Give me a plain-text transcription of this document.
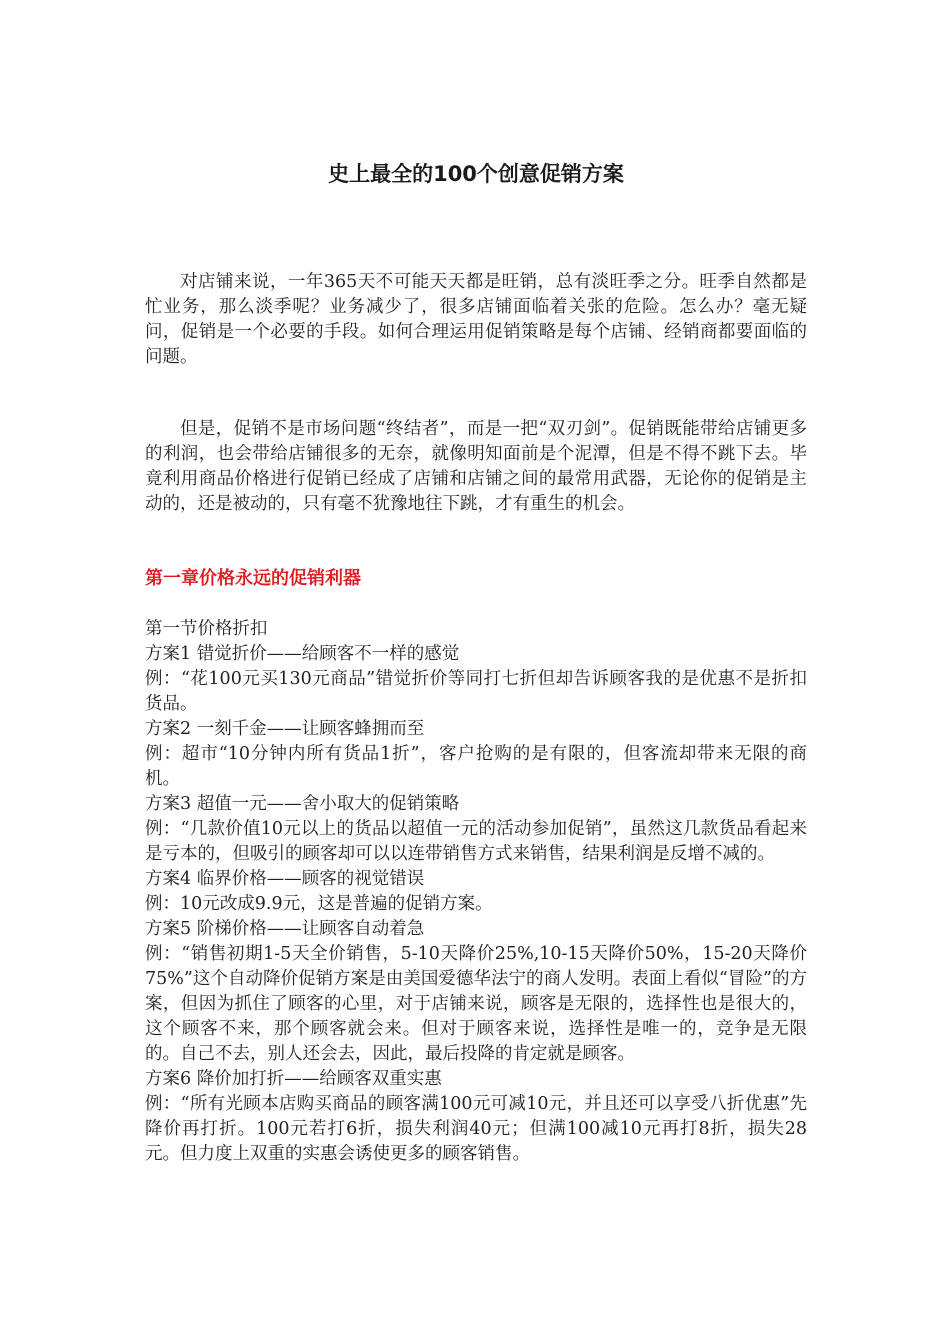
史上最全的100个创意促销方案

对店铺来说，一年365天不可能天天都是旺销，总有淡旺季之分。旺季自然都是忙业务，那么淡季呢？业务减少了，很多店铺面临着关张的危险。怎么办？毫无疑问，促销是一个必要的手段。如何合理运用促销策略是每个店铺、经销商都要面临的问题。

但是，促销不是市场问题“终结者”，而是一把“双刃剑”。促销既能带给店铺更多的利润，也会带给店铺很多的无奈，就像明知面前是个泥潭，但是不得不跳下去。毕竟利用商品价格进行促销已经成了店铺和店铺之间的最常用武器，无论你的促销是主动的，还是被动的，只有毫不犹豫地往下跳，才有重生的机会。

第一章价格永远的促销利器

第一节价格折扣

方案1 错觉折价——给顾客不一样的感觉

例：“花100元买130元商品”错觉折价等同打七折但却告诉顾客我的是优惠不是折扣货品。

方案2 一刻千金——让顾客蜂拥而至

例：超市“10分钟内所有货品1折”，客户抢购的是有限的，但客流却带来无限的商机。

方案3 超值一元——舍小取大的促销策略

例：“几款价值10元以上的货品以超值一元的活动参加促销”，虽然这几款货品看起来是亏本的，但吸引的顾客却可以以连带销售方式来销售，结果利润是反增不减的。

方案4 临界价格——顾客的视觉错误

例：10元改成9.9元，这是普遍的促销方案。

方案5 阶梯价格——让顾客自动着急

例：“销售初期1-5天全价销售，5-10天降价25%,10-15天降价50%，15-20天降价75%”这个自动降价促销方案是由美国爱德华法宁的商人发明。表面上看似“冒险”的方案，但因为抓住了顾客的心里，对于店铺来说，顾客是无限的，选择性也是很大的，这个顾客不来，那个顾客就会来。但对于顾客来说，选择性是唯一的，竞争是无限的。自己不去，别人还会去，因此，最后投降的肯定就是顾客。

方案6 降价加打折——给顾客双重实惠

例：“所有光顾本店购买商品的顾客满100元可减10元，并且还可以享受八折优惠”先降价再打折。100元若打6折，损失利润40元；但满100减10元再打8折，损失28元。但力度上双重的实惠会诱使更多的顾客销售。
